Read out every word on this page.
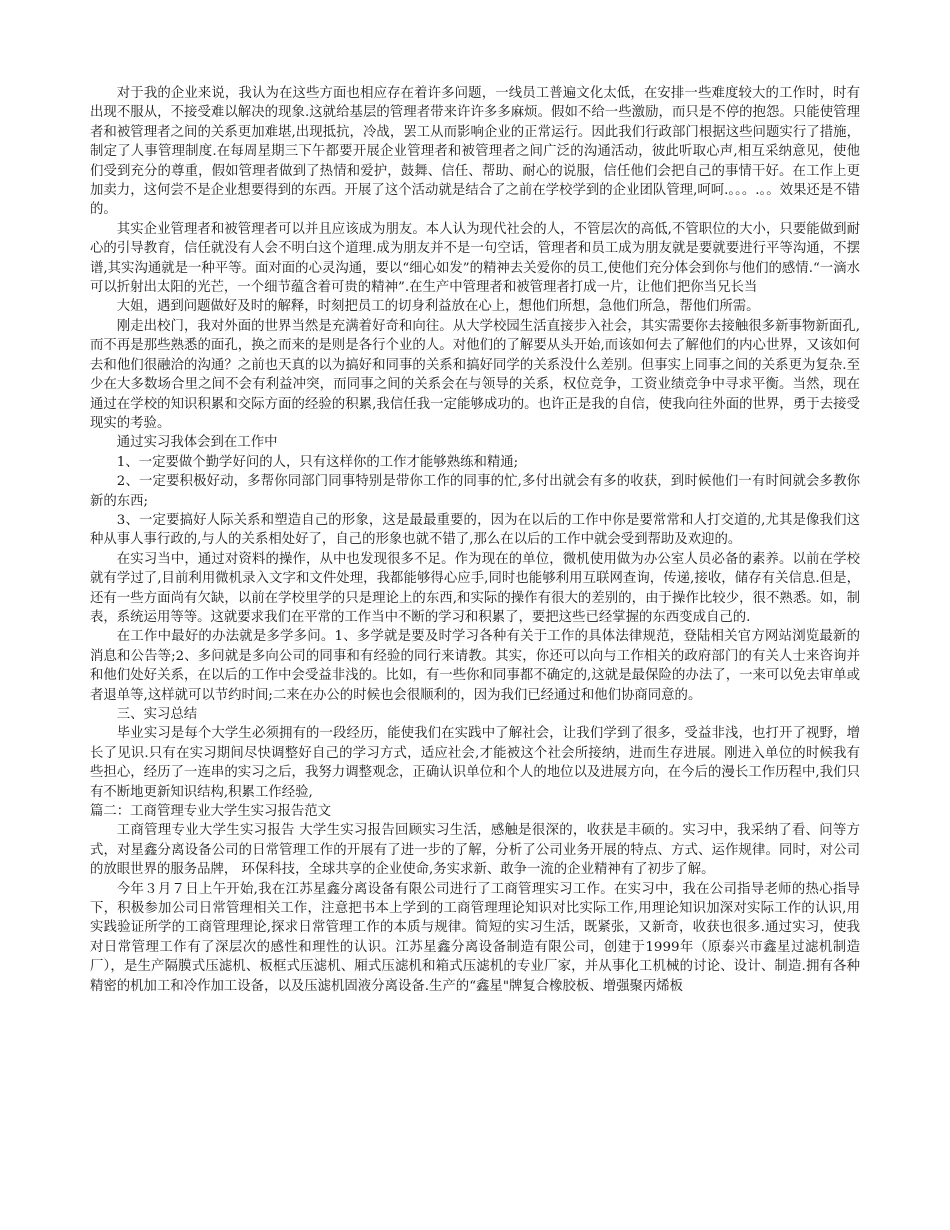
对于我的企业来说，我认为在这些方面也相应存在着许多问题，一线员工普遍文化太低，在安排一些难度较大的工作时，时有出现不服从，不接受难以解决的现象.这就给基层的管理者带来许许多多麻烦。假如不给一些激励，而只是不停的抱怨。只能使管理者和被管理者之间的关系更加难堪,出现抵抗，冷战，罢工从而影响企业的正常运行。因此我们行政部门根据这些问题实行了措施，制定了人事管理制度.在每周星期三下午都要开展企业管理者和被管理者之间广泛的沟通活动，彼此听取心声,相互采纳意见，使他们受到充分的尊重，假如管理者做到了热情和爱护，鼓舞、信任、帮助、耐心的说服，信任他们会把自己的事情干好。在工作上更加卖力，这何尝不是企业想要得到的东西。开展了这个活动就是结合了之前在学校学到的企业团队管理,呵呵.。。。.。。效果还是不错的。

其实企业管理者和被管理者可以并且应该成为朋友。本人认为现代社会的人，不管层次的高低,不管职位的大小，只要能做到耐心的引导教育，信任就没有人会不明白这个道理.成为朋友并不是一句空话，管理者和员工成为朋友就是要就要进行平等沟通，不摆谱,其实沟通就是一种平等。面对面的心灵沟通，要以“细心如发”的精神去关爱你的员工,使他们充分体会到你与他们的感情.“一滴水可以折射出太阳的光芒，一个细节蕴含着可贵的精神”.在生产中管理者和被管理者打成一片，让他们把你当兄长当

大姐，遇到问题做好及时的解释，时刻把员工的切身利益放在心上，想他们所想，急他们所急，帮他们所需。

刚走出校门，我对外面的世界当然是充满着好奇和向往。从大学校园生活直接步入社会，其实需要你去接触很多新事物新面孔,而不再是那些熟悉的面孔，换之而来的是则是各行个业的人。对他们的了解要从头开始,而该如何去了解他们的内心世界，又该如何去和他们很融洽的沟通？之前也天真的以为搞好和同事的关系和搞好同学的关系没什么差别。但事实上同事之间的关系更为复杂.至少在大多数场合里之间不会有利益冲突，而同事之间的关系会在与领导的关系，权位竞争，工资业绩竞争中寻求平衡。当然，现在通过在学校的知识积累和交际方面的经验的积累,我信任我一定能够成功的。也许正是我的自信，使我向往外面的世界，勇于去接受现实的考验。

通过实习我体会到在工作中

1、一定要做个勤学好问的人，只有这样你的工作才能够熟练和精通;

2、一定要积极好动，多帮你同部门同事特别是带你工作的同事的忙,多付出就会有多的收获，到时候他们一有时间就会多教你新的东西;

3、一定要搞好人际关系和塑造自己的形象，这是最最重要的，因为在以后的工作中你是要常常和人打交道的,尤其是像我们这种从事人事行政的,与人的关系相处好了，自己的形象也就不错了,那么在以后的工作中就会受到帮助及欢迎的。

在实习当中，通过对资料的操作，从中也发现很多不足。作为现在的单位，微机使用做为办公室人员必备的素养。以前在学校就有学过了,目前利用微机录入文字和文件处理，我都能够得心应手,同时也能够利用互联网查询，传递,接收，储存有关信息.但是，还有一些方面尚有欠缺，以前在学校里学的只是理论上的东西,和实际的操作有很大的差别的，由于操作比较少，很不熟悉。如，制表，系统运用等等。这就要求我们在平常的工作当中不断的学习和积累了，要把这些已经掌握的东西变成自己的.

在工作中最好的办法就是多学多问。1、多学就是要及时学习各种有关于工作的具体法律规范，登陆相关官方网站浏览最新的消息和公告等;2、多问就是多向公司的同事和有经验的同行来请教。其实，你还可以向与工作相关的政府部门的有关人士来咨询并和他们处好关系，在以后的工作中会受益非浅的。比如，有一些你和同事都不确定的,这就是最保险的办法了，一来可以免去审单或者退单等,这样就可以节约时间;二来在办公的时候也会很顺利的，因为我们已经通过和他们协商同意的。

三、实习总结

毕业实习是每个大学生必须拥有的一段经历，能使我们在实践中了解社会，让我们学到了很多，受益非浅，也打开了视野，增长了见识.只有在实习期间尽快调整好自己的学习方式，适应社会,才能被这个社会所接纳，进而生存进展。刚进入单位的时候我有些担心，经历了一连串的实习之后，我努力调整观念，正确认识单位和个人的地位以及进展方向，在今后的漫长工作历程中,我们只有不断地更新知识结构,积累工作经验,

篇二：工商管理专业大学生实习报告范文

工商管理专业大学生实习报告 大学生实习报告回顾实习生活，感触是很深的，收获是丰硕的。实习中，我采纳了看、问等方式，对星鑫分离设备公司的日常管理工作的开展有了进一步的了解，分析了公司业务开展的特点、方式、运作规律。同时，对公司的放眼世界的服务品牌， 环保科技，全球共享的企业使命,务实求新、敢争一流的企业精神有了初步了解。

今年３月７日上午开始,我在江苏星鑫分离设备有限公司进行了工商管理实习工作。在实习中，我在公司指导老师的热心指导下，积极参加公司日常管理相关工作，注意把书本上学到的工商管理理论知识对比实际工作,用理论知识加深对实际工作的认识,用实践验证所学的工商管理理论,探求日常管理工作的本质与规律。简短的实习生活，既紧张，又新奇，收获也很多.通过实习，使我对日常管理工作有了深层次的感性和理性的认识。江苏星鑫分离设备制造有限公司，创建于1999年（原泰兴市鑫星过滤机制造厂），是生产隔膜式压滤机、板框式压滤机、厢式压滤机和箱式压滤机的专业厂家，并从事化工机械的讨论、设计、制造.拥有各种精密的机加工和冷作加工设备，以及压滤机固液分离设备.生产的“鑫星"牌复合橡胶板、增强聚丙烯板
